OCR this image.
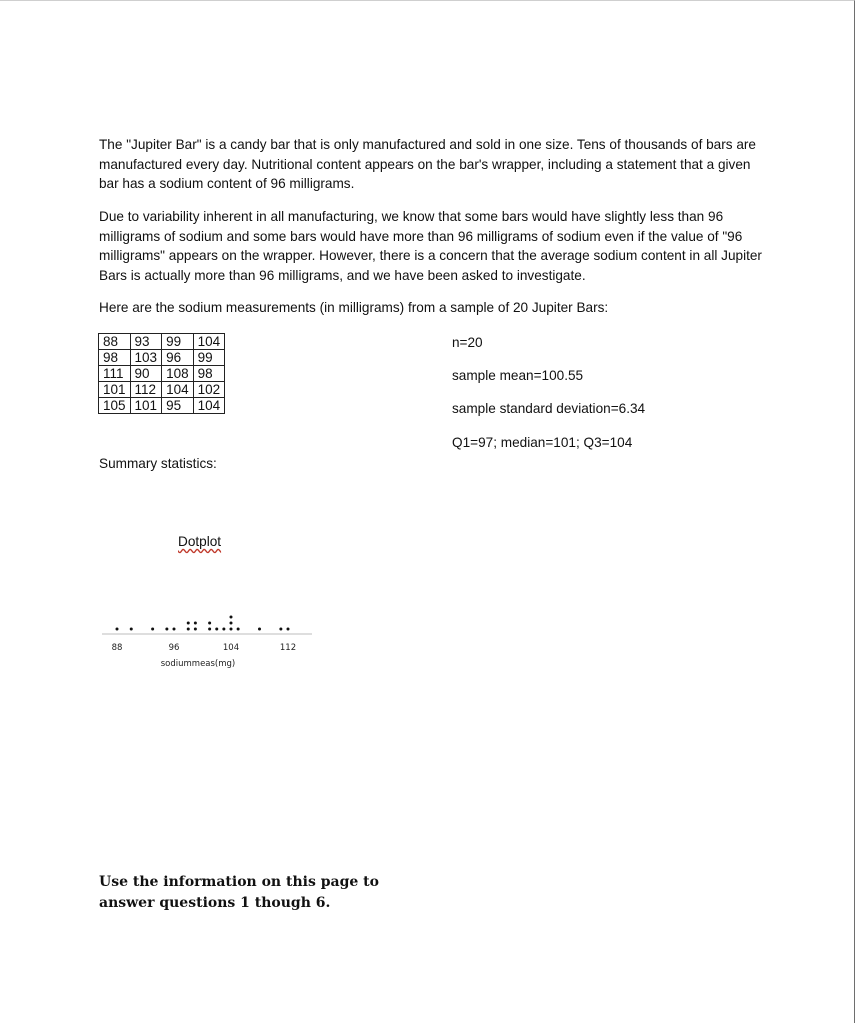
The "Jupiter Bar" is a candy bar that is only manufactured and sold in one size. Tens of thousands of bars are manufactured every day. Nutritional content appears on the bar's wrapper, including a statement that a given bar has a sodium content of 96 milligrams.

Due to variability inherent in all manufacturing, we know that some bars would have slightly less than 96 milligrams of sodium and some bars would have more than 96 milligrams of sodium even if the value of "96 milligrams" appears on the wrapper. However, there is a concern that the average sodium content in all Jupiter Bars is actually more than 96 milligrams, and we have been asked to investigate.

Here are the sodium measurements (in milligrams) from a sample of 20 Jupiter Bars:

88	93	99	104
98	103	96	99
111	90	108	98
101	112	104	102
105	101	95	104
n=20
sample mean=100.55
sample standard deviation=6.34
Q1=97; median=101; Q3=104
Summary statistics:
Dotplot
88	96	104	112
sodiummeas(mg)
Use the information on this page to answer questions 1 though 6.
